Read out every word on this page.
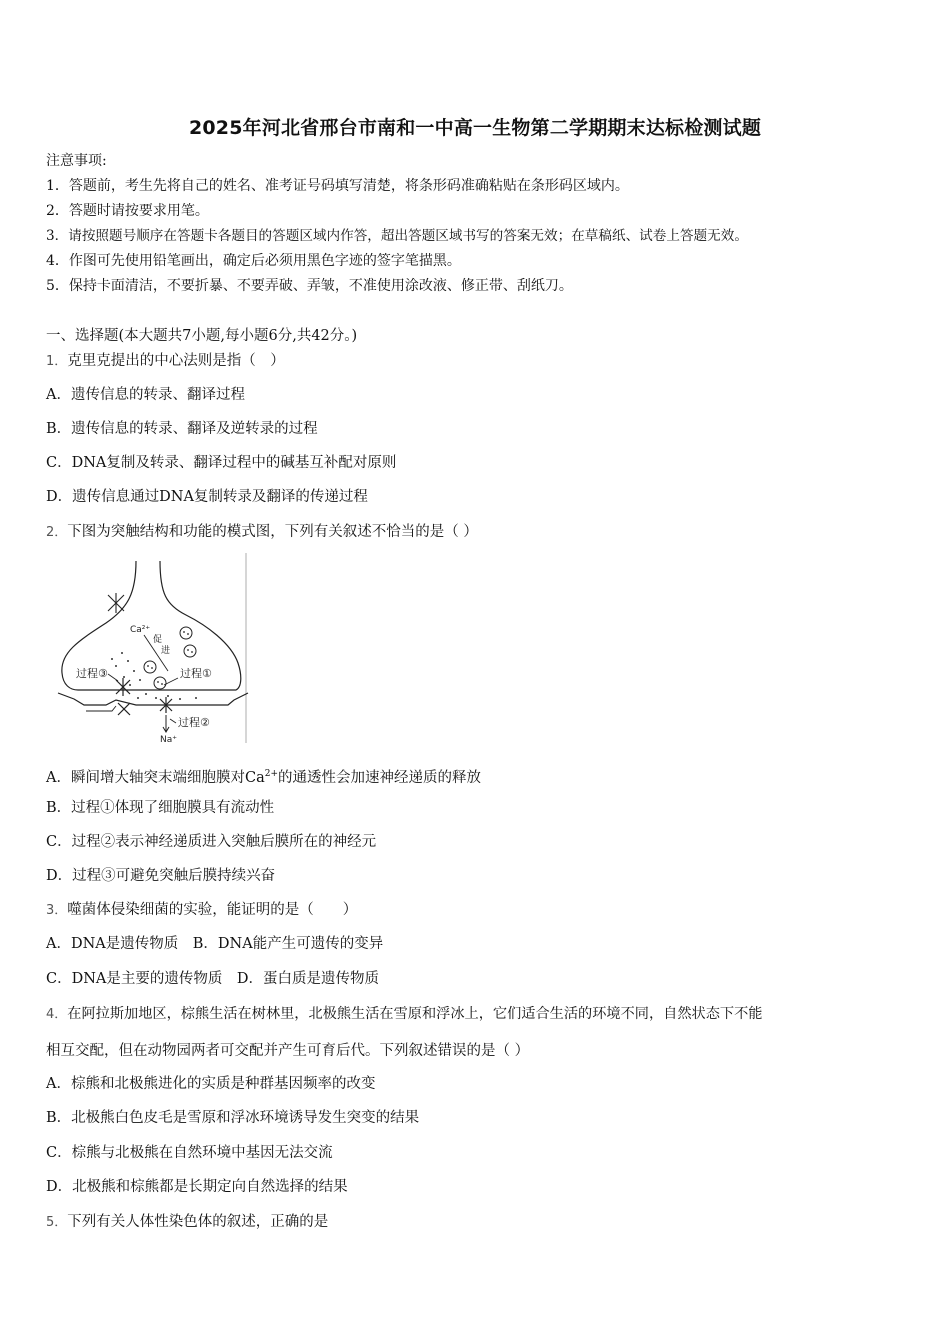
2025年河北省邢台市南和一中高一生物第二学期期末达标检测试题
注意事项:
1．答题前，考生先将自己的姓名、准考证号码填写清楚，将条形码准确粘贴在条形码区域内。
2．答题时请按要求用笔。
3．请按照题号顺序在答题卡各题目的答题区域内作答，超出答题区域书写的答案无效；在草稿纸、试卷上答题无效。
4．作图可先使用铅笔画出，确定后必须用黑色字迹的签字笔描黑。
5．保持卡面清洁，不要折暴、不要弄破、弄皱，不准使用涂改液、修正带、刮纸刀。
一、选择题(本大题共7小题,每小题6分,共42分。)
1．克里克提出的中心法则是指（　）
A．遗传信息的转录、翻译过程
B．遗传信息的转录、翻译及逆转录的过程
C．DNA复制及转录、翻译过程中的碱基互补配对原则
D．遗传信息通过DNA复制转录及翻译的传递过程
2．下图为突触结构和功能的模式图，下列有关叙述不恰当的是（ ）
Ca²⁺
促
进
过程①
过程②
过程③
Na⁺
A．瞬间增大轴突末端细胞膜对$Ca^{2+}$的通透性会加速神经递质的释放
B．过程①体现了细胞膜具有流动性
C．过程②表示神经递质进入突触后膜所在的神经元
D．过程③可避免突触后膜持续兴奋
3．噬菌体侵染细菌的实验，能证明的是（　　）
A．DNA是遗传物质　B．DNA能产生可遗传的变异
C．DNA是主要的遗传物质　D．蛋白质是遗传物质
4．在阿拉斯加地区，棕熊生活在树林里，北极熊生活在雪原和浮冰上，它们适合生活的环境不同，自然状态下不能
相互交配，但在动物园两者可交配并产生可育后代。下列叙述错误的是（ ）
A．棕熊和北极熊进化的实质是种群基因频率的改变
B．北极熊白色皮毛是雪原和浮冰环境诱导发生突变的结果
C．棕熊与北极熊在自然环境中基因无法交流
D．北极熊和棕熊都是长期定向自然选择的结果
5．下列有关人体性染色体的叙述，正确的是
